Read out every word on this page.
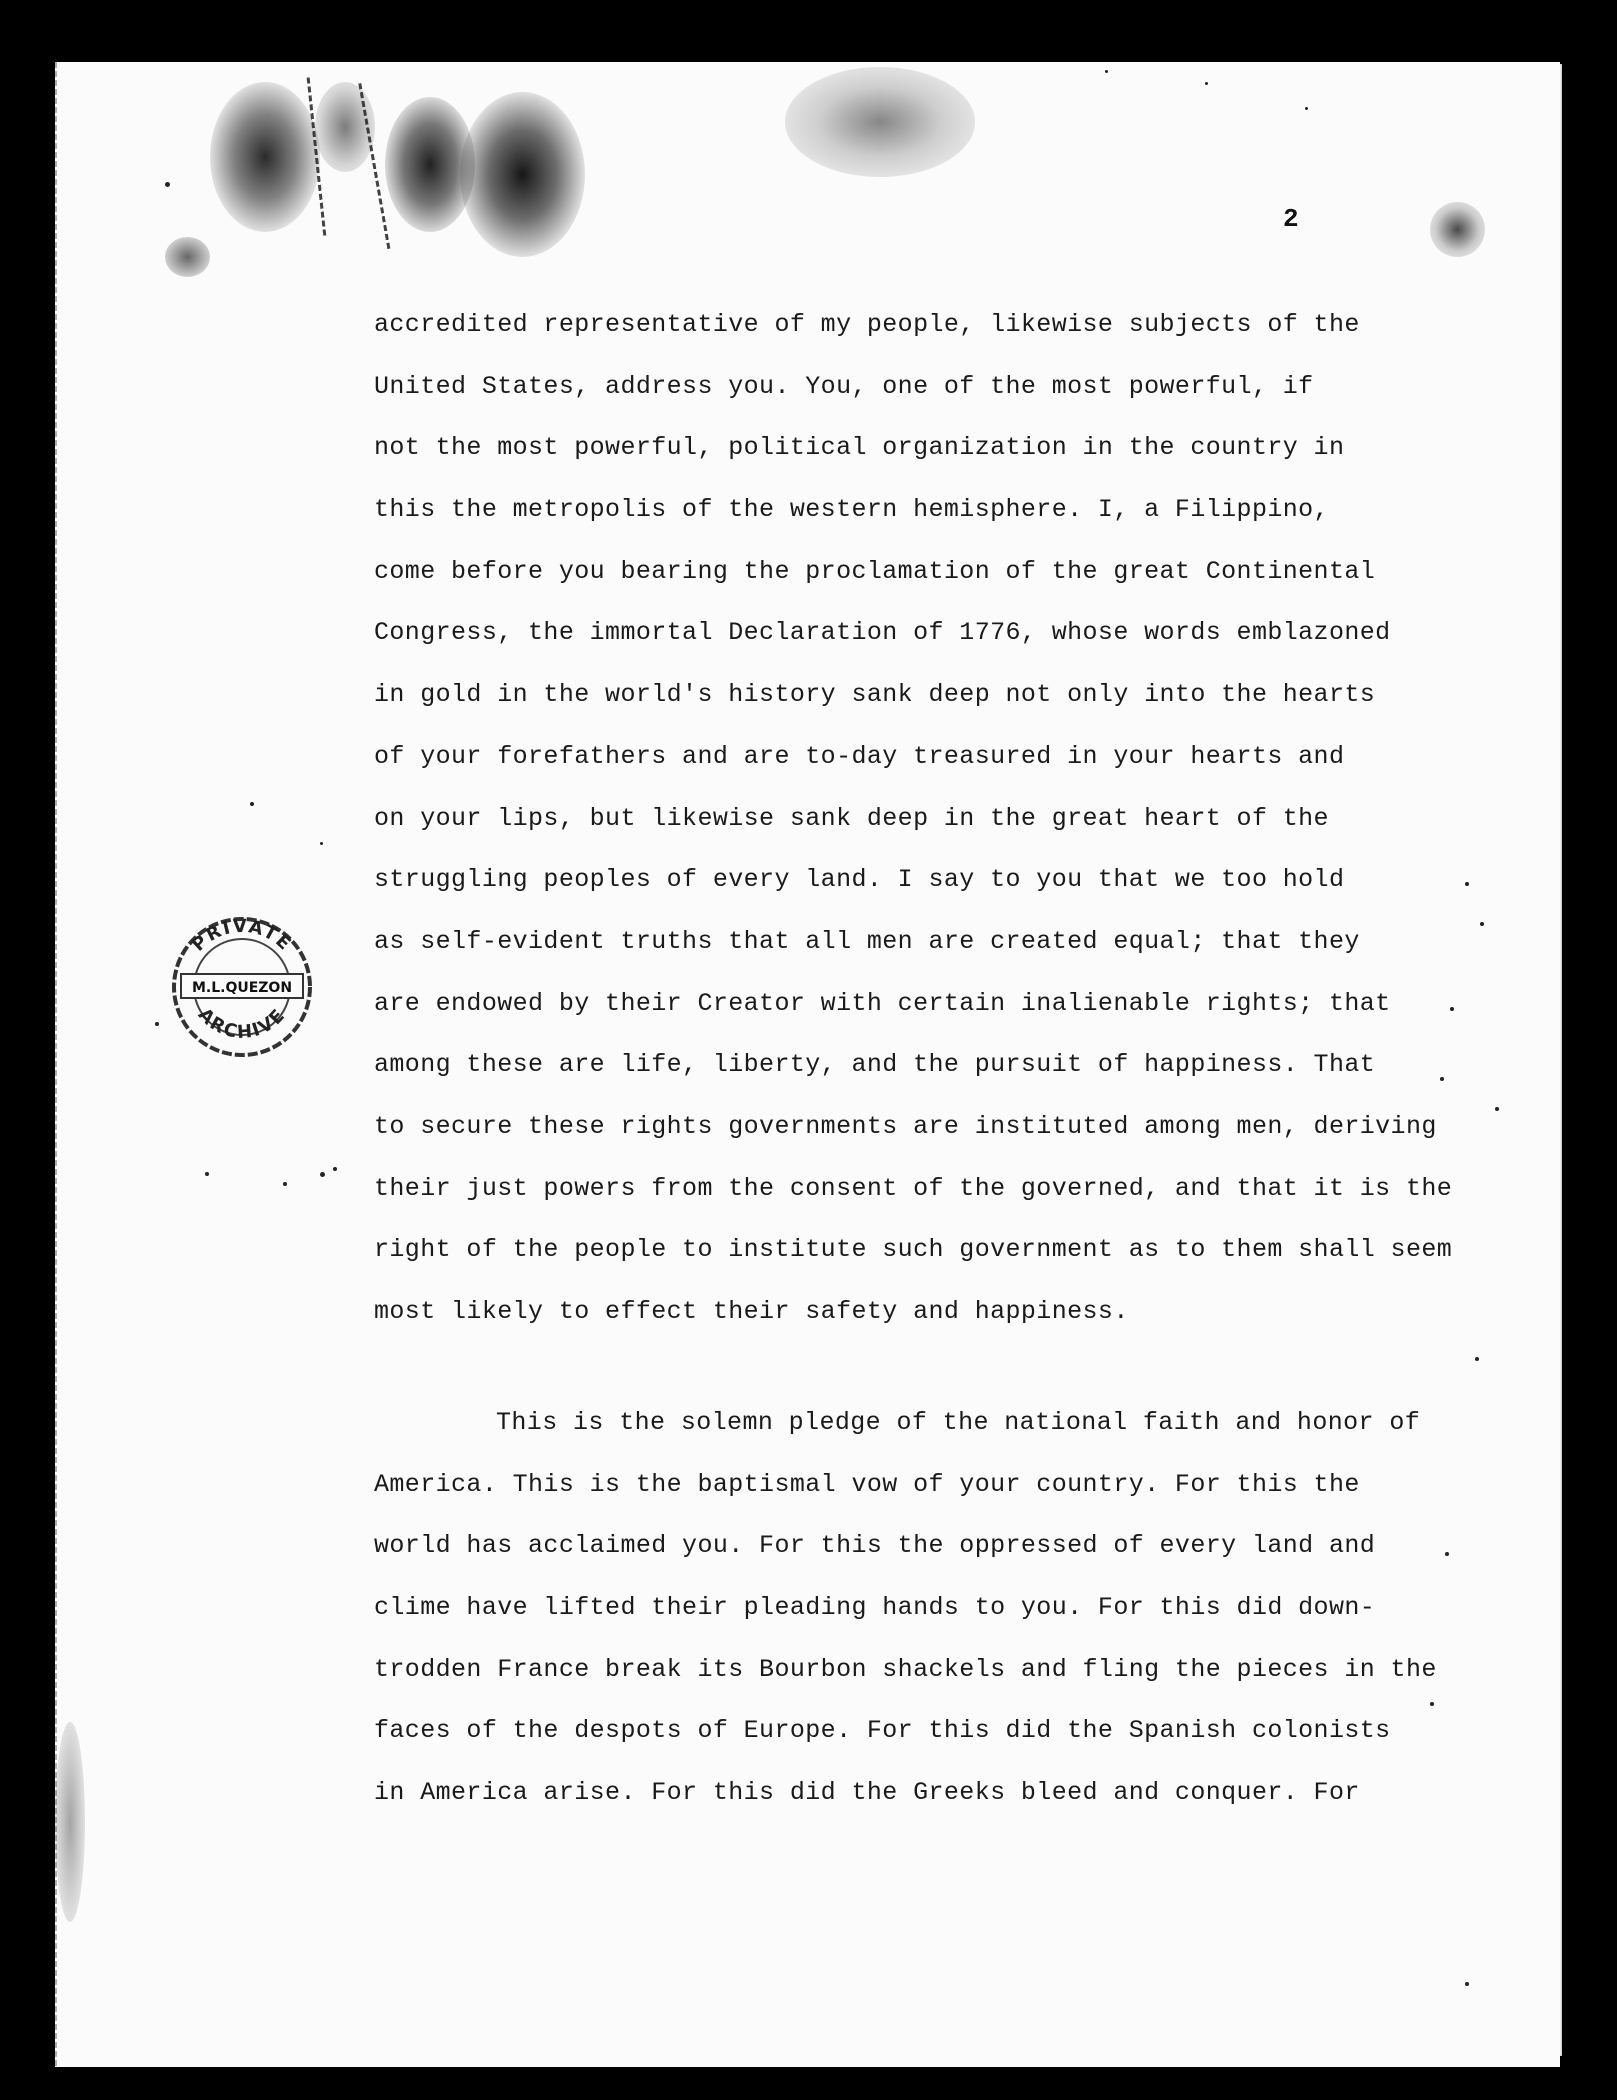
2
accredited representative of my people, likewise subjects of the
United States, address you. You, one of the most powerful, if
not the most powerful, political organization in the country in
this the metropolis of the western hemisphere. I, a Filippino,
come before you bearing the proclamation of the great Continental
Congress, the immortal Declaration of 1776, whose words emblazoned
in gold in the world's history sank deep not only into the hearts
of your forefathers and are to-day treasured in your hearts and
on your lips, but likewise sank deep in the great heart of the
struggling peoples of every land. I say to you that we too hold
as self-evident truths that all men are created equal; that they
are endowed by their Creator with certain inalienable rights; that
among these are life, liberty, and the pursuit of happiness. That
to secure these rights governments are instituted among men, deriving
their just powers from the consent of the governed, and that it is the
right of the people to institute such government as to them shall seem
most likely to effect their safety and happiness.
This is the solemn pledge of the national faith and honor of
America. This is the baptismal vow of your country. For this the
world has acclaimed you. For this the oppressed of every land and
clime have lifted their pleading hands to you. For this did down-
trodden France break its Bourbon shackels and fling the pieces in the
faces of the despots of Europe. For this did the Spanish colonists
in America arise. For this did the Greeks bleed and conquer. For
PRIVATE
M.L.QUEZON
ARCHIVE
